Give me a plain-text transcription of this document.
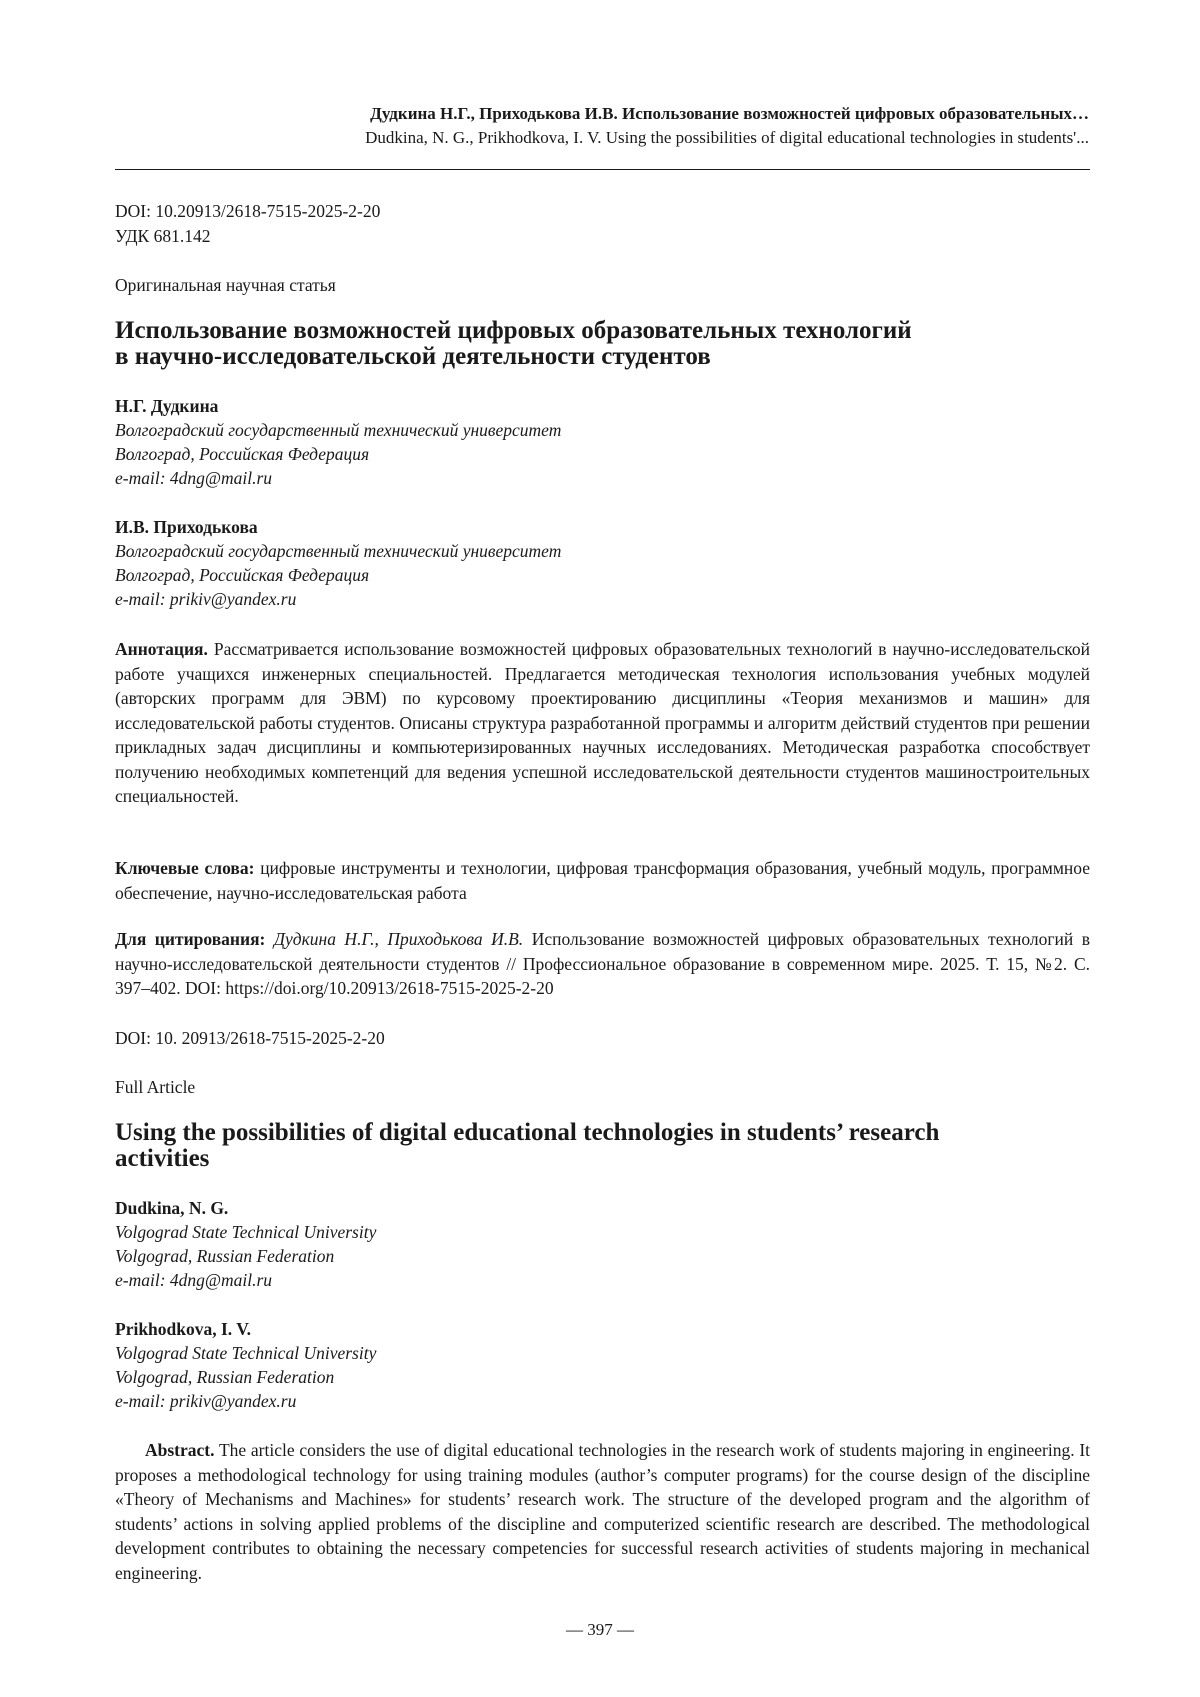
Дудкина Н.Г., Приходькова И.В. Использование возможностей цифровых образовательных…
Dudkina, N. G., Prikhodkova, I. V. Using the possibilities of digital educational technologies in students'...
DOI: 10.20913/2618-7515-2025-2-20
УДК 681.142
Оригинальная научная статья
Использование возможностей цифровых образовательных технологий
в научно-исследовательской деятельности студентов
Н.Г. Дудкина
Волгоградский государственный технический университет
Волгоград, Российская Федерация
e-mail: 4dng@mail.ru
И.В. Приходькова
Волгоградский государственный технический университет
Волгоград, Российская Федерация
e-mail: prikiv@yandex.ru
Аннотация. Рассматривается использование возможностей цифровых образовательных технологий в научно-исследовательской работе учащихся инженерных специальностей. Предлагается методическая технология использования учебных модулей (авторских программ для ЭВМ) по курсовому проектированию дисциплины «Теория механизмов и машин» для исследовательской работы студентов. Описаны структура разработанной программы и алгоритм действий студентов при решении прикладных задач дисциплины и компьютеризированных научных исследованиях. Методическая разработка способствует получению необходимых компетенций для ведения успешной исследовательской деятельности студентов машиностроительных специальностей.
Ключевые слова: цифровые инструменты и технологии, цифровая трансформация образования, учебный модуль, программное обеспечение, научно-исследовательская работа
Для цитирования: Дудкина Н.Г., Приходькова И.В. Использование возможностей цифровых образовательных технологий в научно-исследовательской деятельности студентов // Профессиональное образование в современном мире. 2025. Т. 15, №2. С. 397–402. DOI: https://doi.org/10.20913/2618-7515-2025-2-20
DOI: 10. 20913/2618-7515-2025-2-20
Full Article
Using the possibilities of digital educational technologies in students’ research
activities
Dudkina, N. G.
Volgograd State Technical University
Volgograd, Russian Federation
e-mail: 4dng@mail.ru
Prikhodkova, I. V.
Volgograd State Technical University
Volgograd, Russian Federation
e-mail: prikiv@yandex.ru
Abstract. The article considers the use of digital educational technologies in the research work of students majoring in engineering. It proposes a methodological technology for using training modules (author’s computer programs) for the course design of the discipline «Theory of Mechanisms and Machines» for students’ research work. The structure of the developed program and the algorithm of students’ actions in solving applied problems of the discipline and computerized scientific research are described. The methodological development contributes to obtaining the necessary competencies for successful research activities of students majoring in mechanical engineering.
— 397 —
